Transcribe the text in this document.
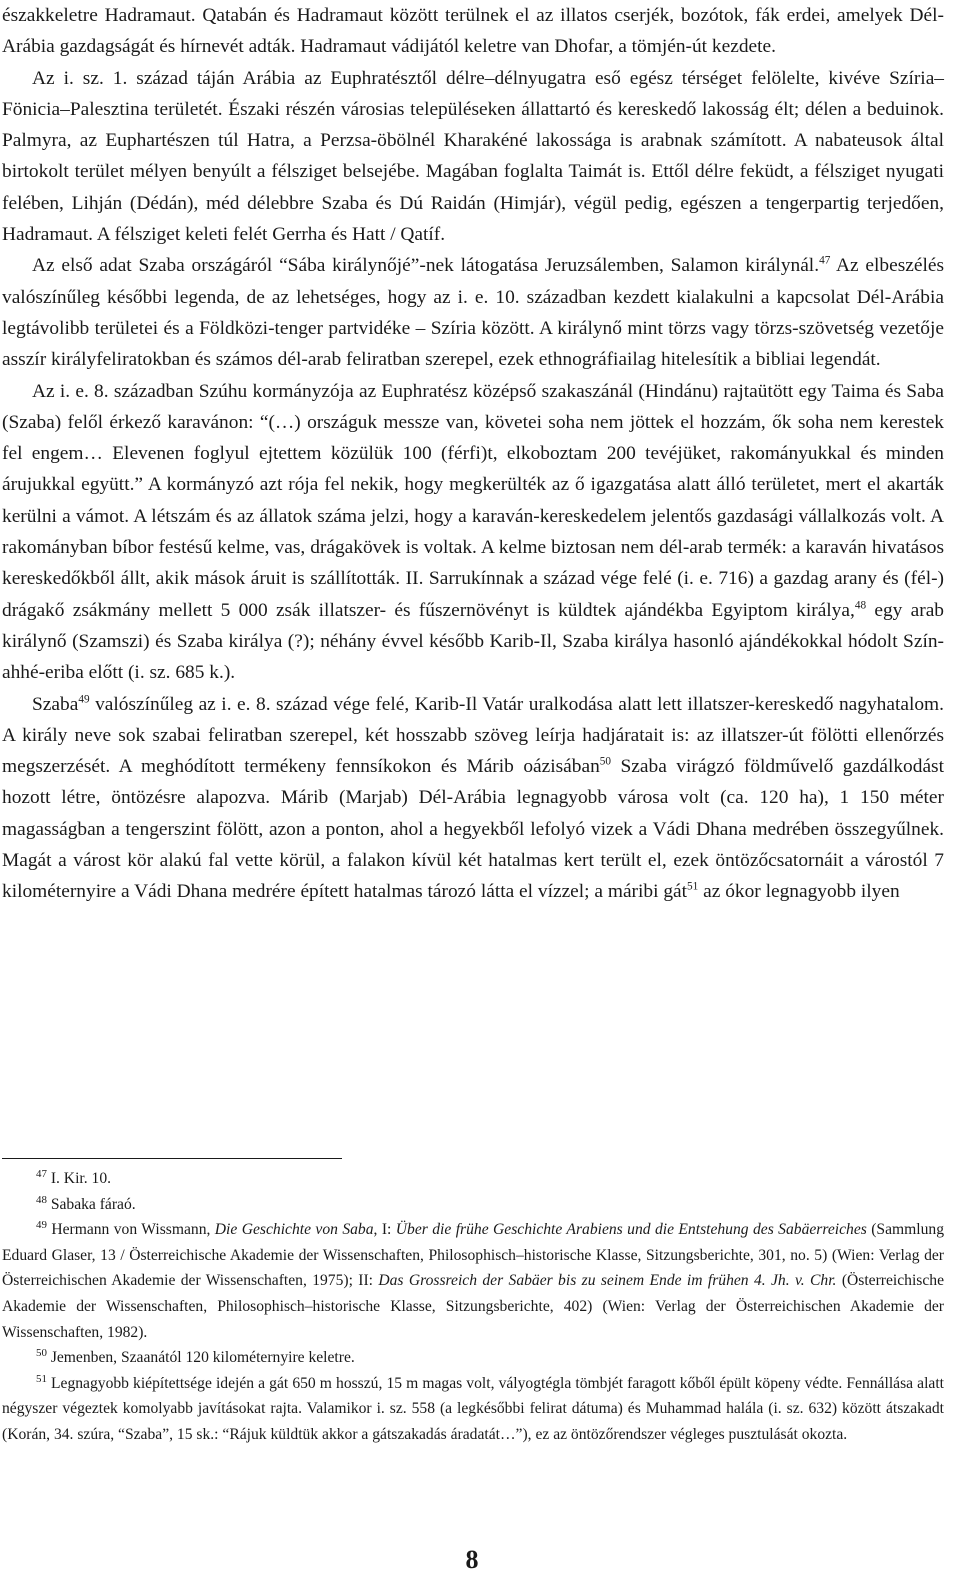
északkeletre Hadramaut. Qatabán és Hadramaut között terülnek el az illatos cserjék, bozótok, fák erdei, amelyek Dél-Arábia gazdagságát és hírnevét adták. Hadramaut vádijától keletre van Dhofar, a tömjén-út kezdete.

Az i. sz. 1. század táján Arábia az Euphratésztől délre–délnyugatra eső egész térséget felölelte, kivéve Szíria–Fönicia–Palesztina területét. Északi részén városias településeken állattartó és kereskedő lakosság élt; délen a beduinok. Palmyra, az Euphartészen túl Hatra, a Perzsa-öbölnél Kharakéné lakossága is arabnak számított. A nabateusok által birtokolt terület mélyen benyúlt a félsziget belsejébe. Magában foglalta Taimát is. Ettől délre feküdt, a félsziget nyugati felében, Lihján (Dédán), méd délebbre Szaba és Dú Raidán (Himjár), végül pedig, egészen a tengerpartig terjedően, Hadramaut. A félsziget keleti felét Gerrha és Hatt / Qatíf.

Az első adat Szaba országáról “Sába királynőjé”-nek látogatása Jeruzsálemben, Salamon királynál.$^{47}$ Az elbeszélés valószínűleg későbbi legenda, de az lehetséges, hogy az i. e. 10. században kezdett kialakulni a kapcsolat Dél-Arábia legtávolibb területei és a Földközi-tenger partvidéke – Szíria között. A királynő mint törzs vagy törzs-szövetség vezetője asszír királyfeliratokban és számos dél-arab feliratban szerepel, ezek ethnográfiailag hitelesítik a bibliai legendát.

Az i. e. 8. században Szúhu kormányzója az Euphratész középső szakaszánál (Hindánu) rajtaütött egy Taima és Saba (Szaba) felől érkező karavánon: “(…) országuk messze van, követei soha nem jöttek el hozzám, ők soha nem kerestek fel engem… Elevenen foglyul ejtettem közülük 100 (férfi)t, elkoboztam 200 tevéjüket, rakományukkal és minden árujukkal együtt.” A kormányzó azt rója fel nekik, hogy megkerülték az ő igazgatása alatt álló területet, mert el akarták kerülni a vámot. A létszám és az állatok száma jelzi, hogy a karaván-kereskedelem jelentős gazdasági vállalkozás volt. A rakományban bíbor festésű kelme, vas, drágakövek is voltak. A kelme biztosan nem dél-arab termék: a karaván hivatásos kereskedőkből állt, akik mások áruit is szállították. II. Sarrukínnak a század vége felé (i. e. 716) a gazdag arany és (fél-) drágakő zsákmány mellett 5 000 zsák illatszer- és fűszernövényt is küldtek ajándékba Egyiptom királya,$^{48}$ egy arab királynő (Szamszi) és Szaba királya (?); néhány évvel később Karib-Il, Szaba királya hasonló ajándékokkal hódolt Szín-ahhé-eriba előtt (i. sz. 685 k.).

Szaba$^{49}$ valószínűleg az i. e. 8. század vége felé, Karib-Il Vatár uralkodása alatt lett illatszer-kereskedő nagyhatalom. A király neve sok szabai feliratban szerepel, két hosszabb szöveg leírja hadjáratait is: az illatszer-út fölötti ellenőrzés megszerzését. A meghódított termékeny fennsíkokon és Márib oázisában$^{50}$ Szaba virágzó földművelő gazdálkodást hozott létre, öntözésre alapozva. Márib (Marjab) Dél-Arábia legnagyobb városa volt (ca. 120 ha), 1 150 méter magasságban a tengerszint fölött, azon a ponton, ahol a hegyekből lefolyó vizek a Vádi Dhana medrében összegyűlnek. Magát a várost kör alakú fal vette körül, a falakon kívül két hatalmas kert terült el, ezek öntözőcsatornáit a várostól 7 kilométernyire a Vádi Dhana medrére épített hatalmas tározó látta el vízzel; a máribi gát$^{51}$ az ókor legnagyobb ilyen

$^{47}$ I. Kir. 10.

$^{48}$ Sabaka fáraó.

$^{49}$ Hermann von Wissmann, Die Geschichte von Saba, I: Über die frühe Geschichte Arabiens und die Entstehung des Sabäerreiches (Sammlung Eduard Glaser, 13 / Österreichische Akademie der Wissenschaften, Philosophisch–historische Klasse, Sitzungsberichte, 301, no. 5) (Wien: Verlag der Österreichischen Akademie der Wissenschaften, 1975); II: Das Grossreich der Sabäer bis zu seinem Ende im frühen 4. Jh. v. Chr. (Österreichische Akademie der Wissenschaften, Philosophisch–historische Klasse, Sitzungsberichte, 402) (Wien: Verlag der Österreichischen Akademie der Wissenschaften, 1982).

$^{50}$ Jemenben, Szaanától 120 kilométernyire keletre.

$^{51}$ Legnagyobb kiépítettsége idején a gát 650 m hosszú, 15 m magas volt, vályogtégla tömbjét faragott kőből épült köpeny védte. Fennállása alatt négyszer végeztek komolyabb javításokat rajta. Valamikor i. sz. 558 (a legkésőbbi felirat dátuma) és Muhammad halála (i. sz. 632) között átszakadt (Korán, 34. szúra, “Szaba”, 15 sk.: “Rájuk küldtük akkor a gátszakadás áradatát…”), ez az öntözőrendszer végleges pusztulását okozta.

8
